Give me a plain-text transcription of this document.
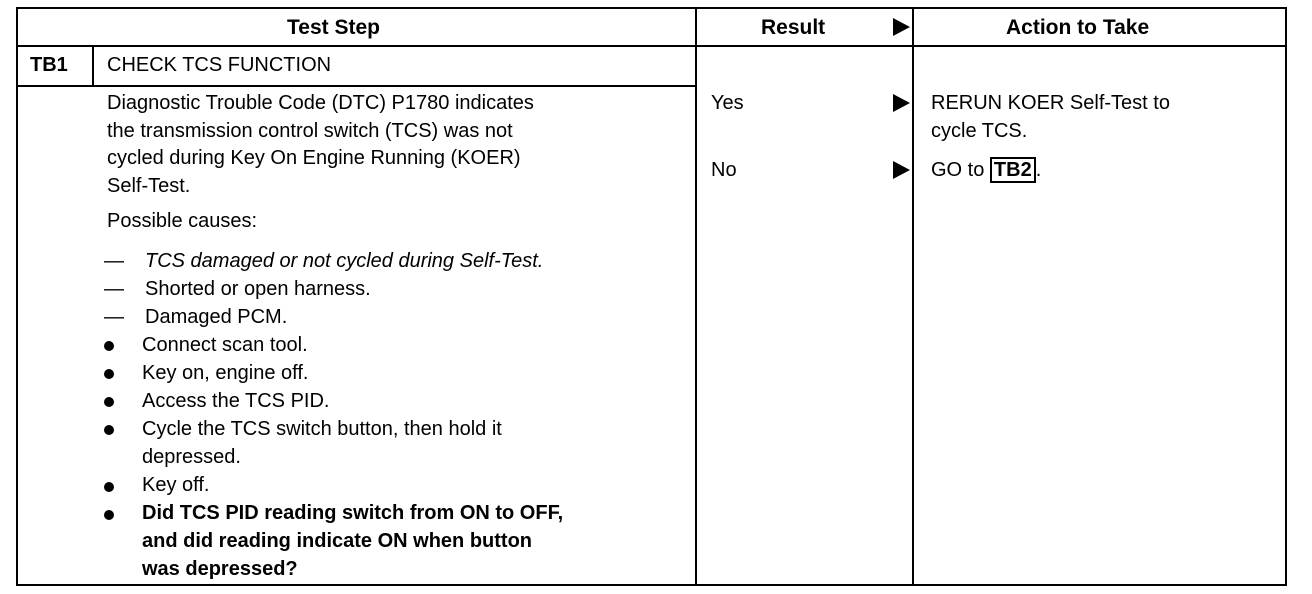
Test Step	Result	Action to Take
TB1 CHECK TCS FUNCTION
Diagnostic Trouble Code (DTC) P1780 indicates
the transmission control switch (TCS) was not
cycled during Key On Engine Running (KOER)
Self-Test.
Possible causes:
— TCS damaged or not cycled during Self-Test.
— Shorted or open harness.
— Damaged PCM.
Connect scan tool.
Key on, engine off.
Access the TCS PID.
Cycle the TCS switch button, then hold it
depressed.
Key off.
Did TCS PID reading switch from ON to OFF,
and did reading indicate ON when button
was depressed?
Yes	RERUN KOER Self-Test to
cycle TCS.
No	GO to TB2 .
